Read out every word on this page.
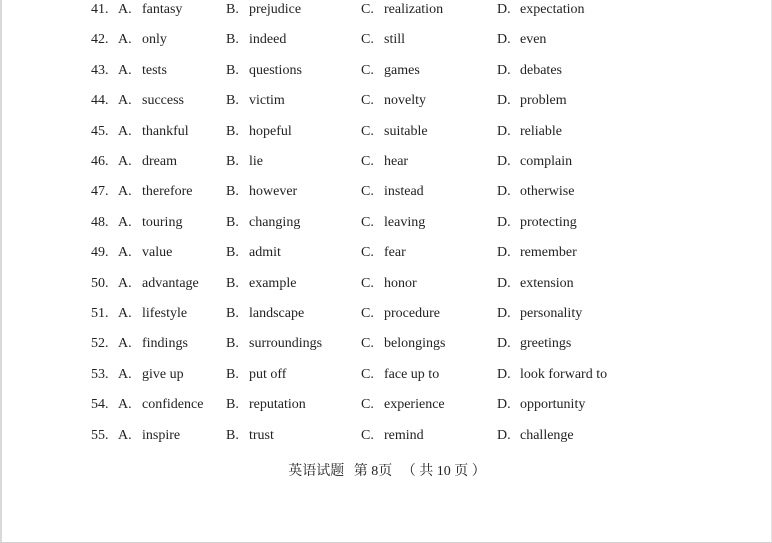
41. A. fantasy	B. prejudice	C. realization	D. expectation
42. A. only	B. indeed	C. still	D. even
43. A. tests	B. questions	C. games	D. debates
44. A. success	B. victim	C. novelty	D. problem
45. A. thankful	B. hopeful	C. suitable	D. reliable
46. A. dream	B. lie	C. hear	D. complain
47. A. therefore B. however	C. instead	D. otherwise
48. A. touring	B. changing	C. leaving	D. protecting
49. A. value	B. admit	C. fear	D. remember
50. A. advantage B. example	C. honor	D. extension
51. A. lifestyle	B. landscape	C. procedure	D. personality
52. A. findings	B. surroundings	C. belongings	D. greetings
53. A. give up	B. put off	C. face up to	D. look forward to
54. A. confidence B. reputation	C. experience	D. opportunity
55. A. inspire	B. trust	C. remind	D. challenge
英语试题 第 8页 （ 共 10 页 ）
